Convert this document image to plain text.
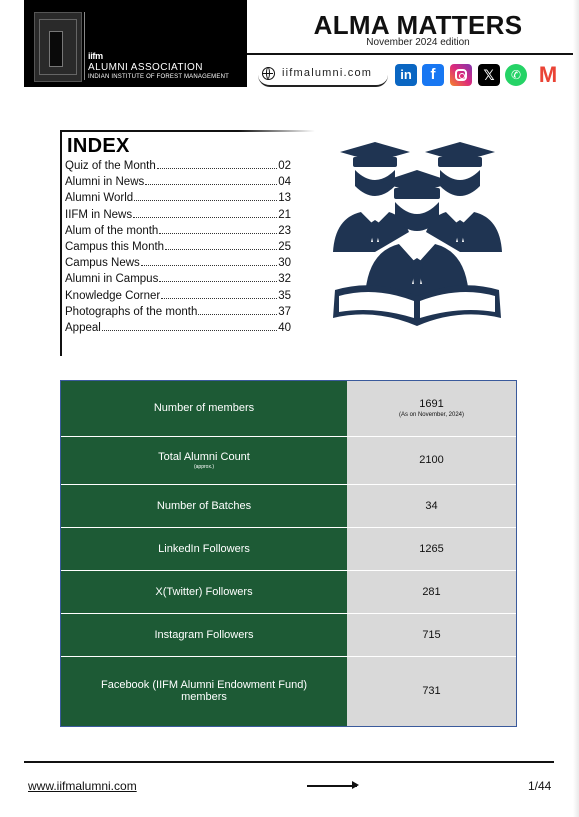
iifm
ALUMNI ASSOCIATION
INDIAN INSTITUTE OF FOREST MANAGEMENT
ALMA MATTERS
November 2024 edition
iifmalumni.com	in	f	𝕏	✆ M
INDEX
Quiz of the Month	02
Alumni in News	04
Alumni World	13
IIFM in News	21
Alum of the month	23
Campus this Month	25
Campus News	30
Alumni in Campus	32
Knowledge Corner	35
Photographs of the month	37
Appeal	40
Number of members	1691
(As on November, 2024)

Total Alumni Count
(approx.)	2100

Number of Batches	34

LinkedIn Followers	1265

X(Twitter) Followers	281

Instagram Followers	715

Facebook (IIFM Alumni Endowment Fund) members	731
www.iifmalumni.com	1/44
